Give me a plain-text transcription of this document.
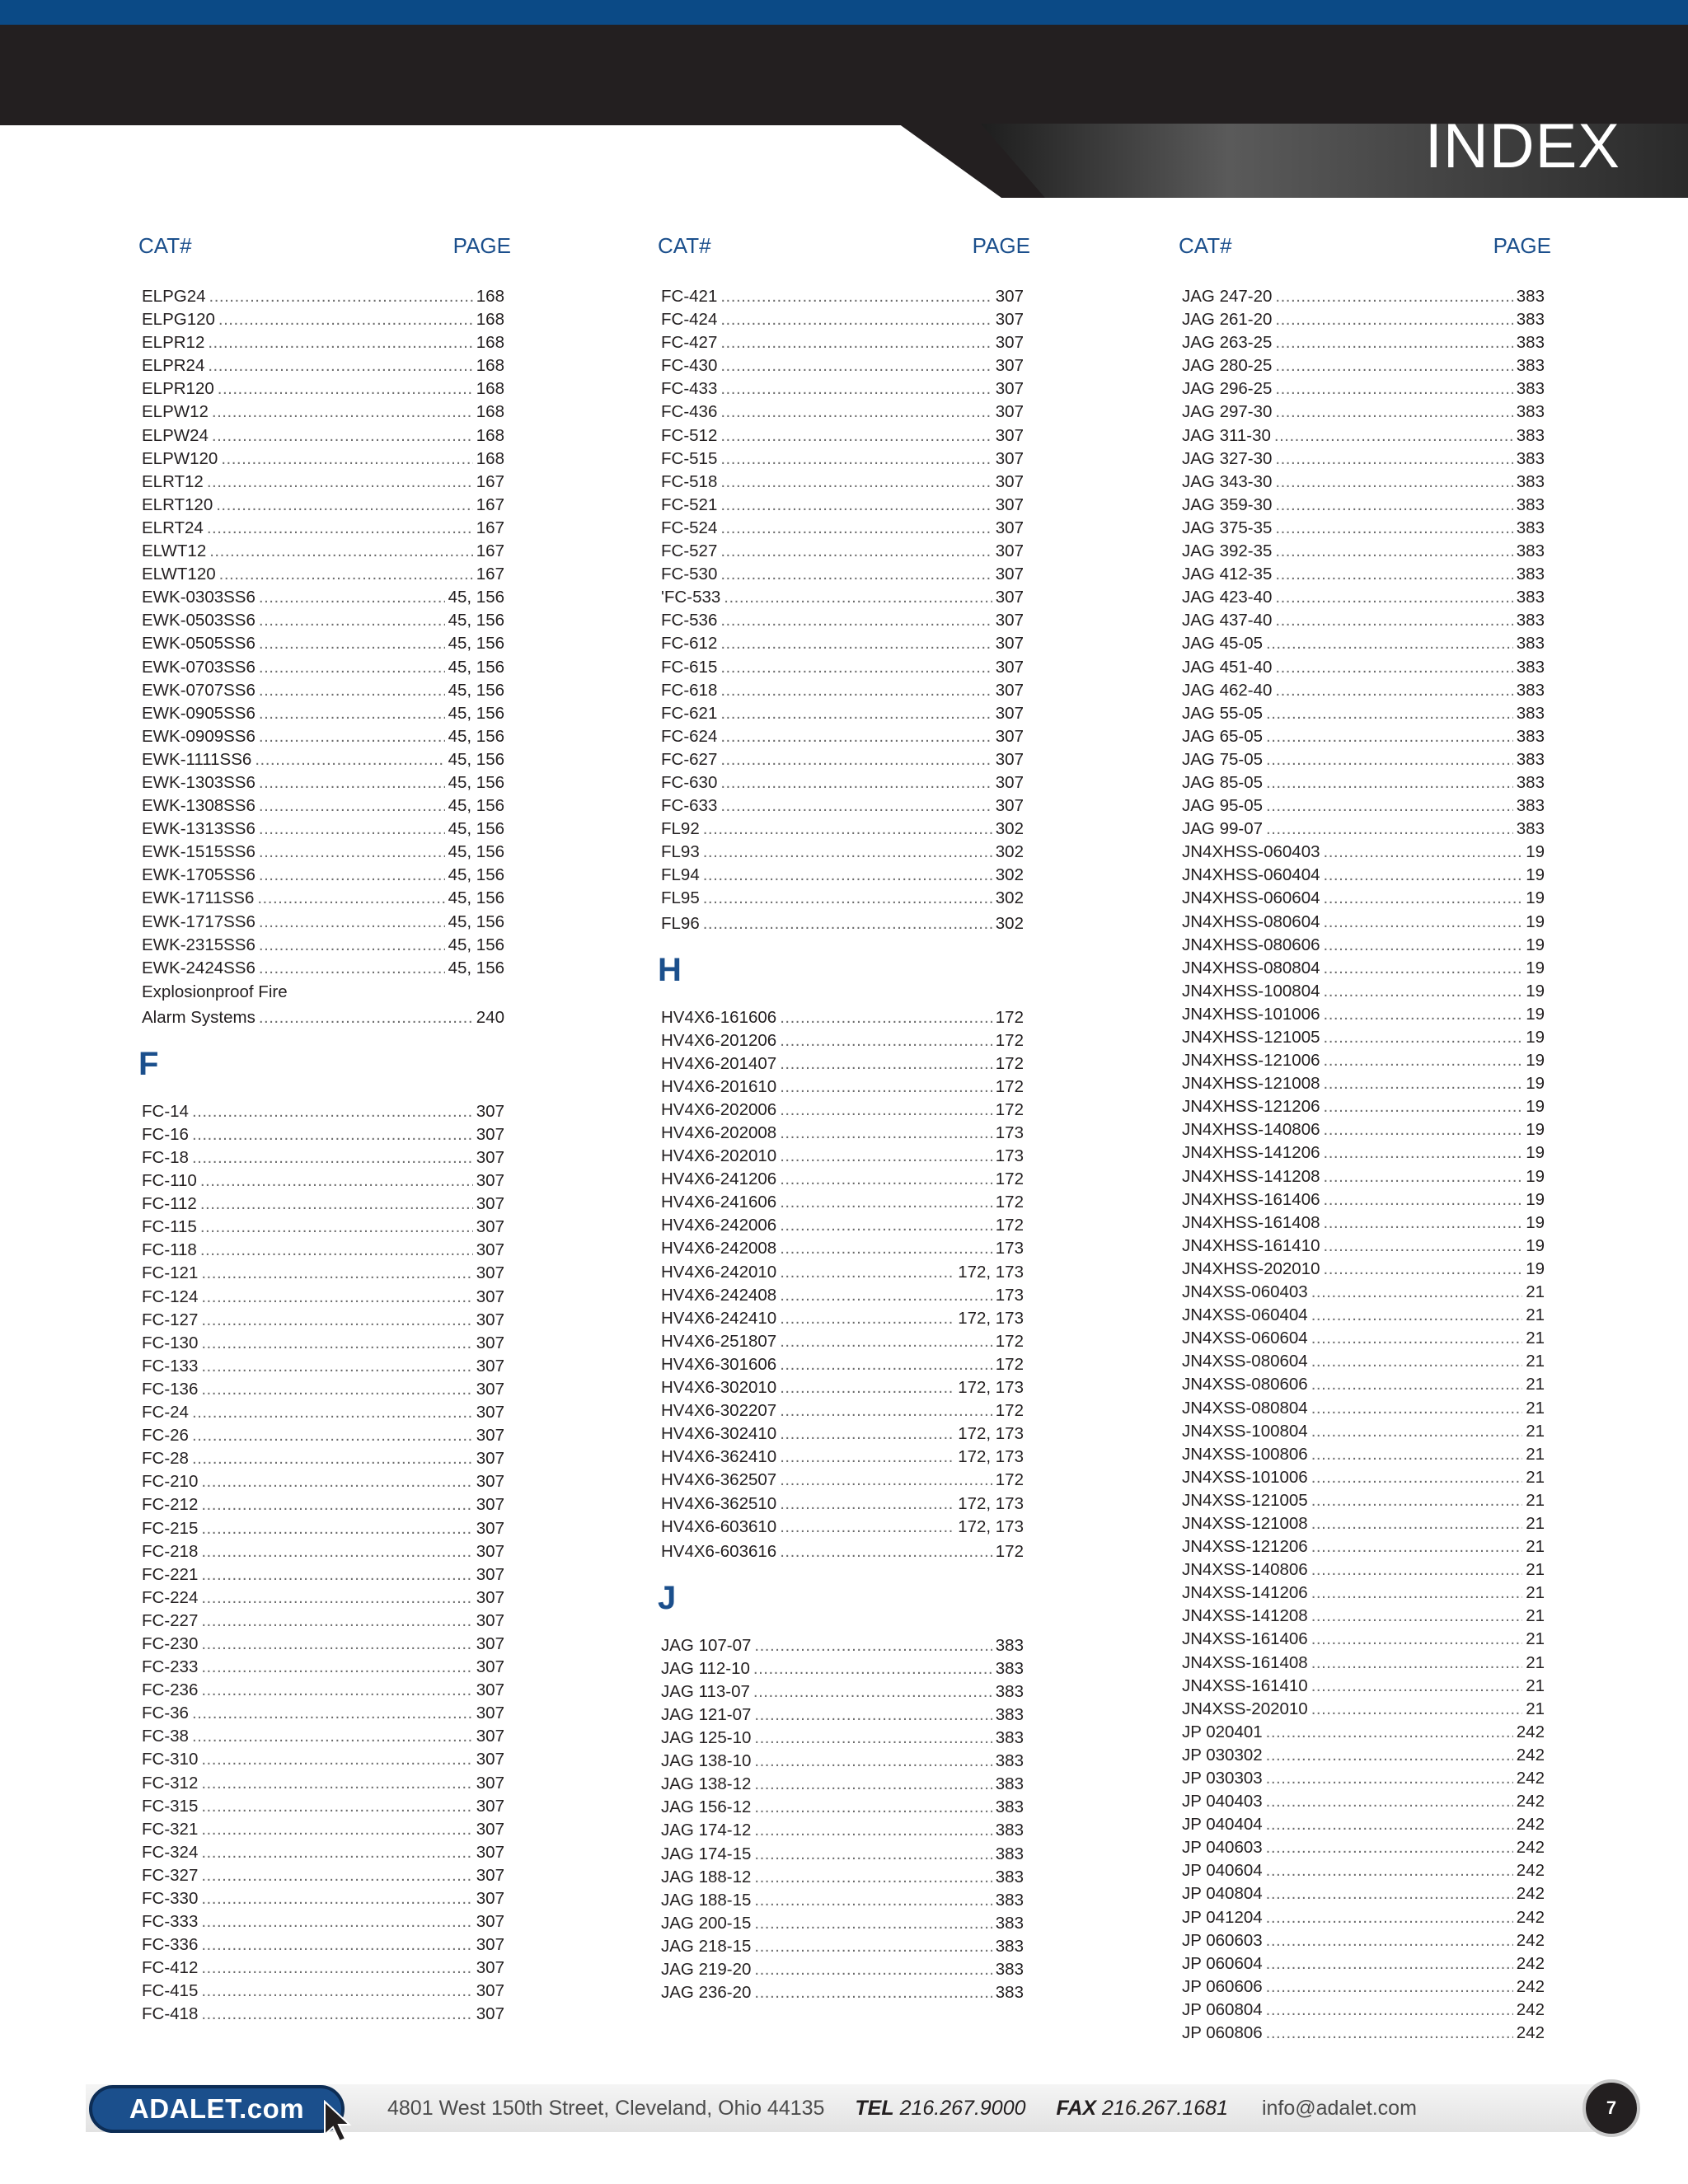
INDEX
CAT#	PAGE
ELPG24 .....	168
ELPG120 .....	168
ELPR12 .....	168
ELPR24 .....	168
ELPR120 .....	168
ELPW12 .....	168
ELPW24 .....	168
ELPW120 .....	168
ELRT12 .....	167
ELRT120 .....	167
ELRT24 .....	167
ELWT12 .....	167
ELWT120 .....	167
EWK-0303SS6 .....	45, 156
EWK-0503SS6 .....	45, 156
EWK-0505SS6 .....	45, 156
EWK-0703SS6 .....	45, 156
EWK-0707SS6 .....	45, 156
EWK-0905SS6 .....	45, 156
EWK-0909SS6 .....	45, 156
EWK-1111SS6 .....	45, 156
EWK-1303SS6 .....	45, 156
EWK-1308SS6 .....	45, 156
EWK-1313SS6 .....	45, 156
EWK-1515SS6 .....	45, 156
EWK-1705SS6 .....	45, 156
EWK-1711SS6 .....	45, 156
EWK-1717SS6 .....	45, 156
EWK-2315SS6 .....	45, 156
EWK-2424SS6 .....	45, 156
Explosionproof Fire
Alarm Systems .....	240
F
FC-14 .....	307
FC-16 .....	307
FC-18 .....	307
FC-110 .....	307
FC-112 .....	307
FC-115 .....	307
FC-118 .....	307
FC-121 .....	307
FC-124 .....	307
FC-127 .....	307
FC-130 .....	307
FC-133 .....	307
FC-136 .....	307
FC-24 .....	307
FC-26 .....	307
FC-28 .....	307
FC-210 .....	307
FC-212 .....	307
FC-215 .....	307
FC-218 .....	307
FC-221 .....	307
FC-224 .....	307
FC-227 .....	307
FC-230 .....	307
FC-233 .....	307
FC-236 .....	307
FC-36 .....	307
FC-38 .....	307
FC-310 .....	307
FC-312 .....	307
FC-315 .....	307
FC-321 .....	307
FC-324 .....	307
FC-327 .....	307
FC-330 .....	307
FC-333 .....	307
FC-336 .....	307
FC-412 .....	307
FC-415 .....	307
FC-418 .....	307
CAT#	PAGE
FC-421 .....	307
FC-424 .....	307
FC-427 .....	307
FC-430 .....	307
FC-433 .....	307
FC-436 .....	307
FC-512 .....	307
FC-515 .....	307
FC-518 .....	307
FC-521 .....	307
FC-524 .....	307
FC-527 .....	307
FC-530 .....	307
'FC-533 .....	307
FC-536 .....	307
FC-612 .....	307
FC-615 .....	307
FC-618 .....	307
FC-621 .....	307
FC-624 .....	307
FC-627 .....	307
FC-630 .....	307
FC-633 .....	307
FL92 .....	302
FL93 .....	302
FL94 .....	302
FL95 .....	302
FL96 .....	302
H
HV4X6-161606 .....	172
HV4X6-201206 .....	172
HV4X6-201407 .....	172
HV4X6-201610 .....	172
HV4X6-202006 .....	172
HV4X6-202008 .....	173
HV4X6-202010 .....	173
HV4X6-241206 .....	172
HV4X6-241606 .....	172
HV4X6-242006 .....	172
HV4X6-242008 .....	173
HV4X6-242010 .....	172, 173
HV4X6-242408 .....	173
HV4X6-242410 .....	172, 173
HV4X6-251807 .....	172
HV4X6-301606 .....	172
HV4X6-302010 .....	172, 173
HV4X6-302207 .....	172
HV4X6-302410 .....	172, 173
HV4X6-362410 .....	172, 173
HV4X6-362507 .....	172
HV4X6-362510 .....	172, 173
HV4X6-603610 .....	172, 173
HV4X6-603616 .....	172
J
JAG 107-07 .....	383
JAG 112-10 .....	383
JAG 113-07 .....	383
JAG 121-07 .....	383
JAG 125-10 .....	383
JAG 138-10 .....	383
JAG 138-12 .....	383
JAG 156-12 .....	383
JAG 174-12 .....	383
JAG 174-15 .....	383
JAG 188-12 .....	383
JAG 188-15 .....	383
JAG 200-15 .....	383
JAG 218-15 .....	383
JAG 219-20 .....	383
JAG 236-20 .....	383
CAT#	PAGE
JAG 247-20 .....	383
JAG 261-20 .....	383
JAG 263-25 .....	383
JAG 280-25 .....	383
JAG 296-25 .....	383
JAG 297-30 .....	383
JAG 311-30 .....	383
JAG 327-30 .....	383
JAG 343-30 .....	383
JAG 359-30 .....	383
JAG 375-35 .....	383
JAG 392-35 .....	383
JAG 412-35 .....	383
JAG 423-40 .....	383
JAG 437-40 .....	383
JAG 45-05 .....	383
JAG 451-40 .....	383
JAG 462-40 .....	383
JAG 55-05 .....	383
JAG 65-05 .....	383
JAG 75-05 .....	383
JAG 85-05 .....	383
JAG 95-05 .....	383
JAG 99-07 .....	383
JN4XHSS-060403 .....	19
JN4XHSS-060404 .....	19
JN4XHSS-060604 .....	19
JN4XHSS-080604 .....	19
JN4XHSS-080606 .....	19
JN4XHSS-080804 .....	19
JN4XHSS-100804 .....	19
JN4XHSS-101006 .....	19
JN4XHSS-121005 .....	19
JN4XHSS-121006 .....	19
JN4XHSS-121008 .....	19
JN4XHSS-121206 .....	19
JN4XHSS-140806 .....	19
JN4XHSS-141206 .....	19
JN4XHSS-141208 .....	19
JN4XHSS-161406 .....	19
JN4XHSS-161408 .....	19
JN4XHSS-161410 .....	19
JN4XHSS-202010 .....	19
JN4XSS-060403 .....	21
JN4XSS-060404 .....	21
JN4XSS-060604 .....	21
JN4XSS-080604 .....	21
JN4XSS-080606 .....	21
JN4XSS-080804 .....	21
JN4XSS-100804 .....	21
JN4XSS-100806 .....	21
JN4XSS-101006 .....	21
JN4XSS-121005 .....	21
JN4XSS-121008 .....	21
JN4XSS-121206 .....	21
JN4XSS-140806 .....	21
JN4XSS-141206 .....	21
JN4XSS-141208 .....	21
JN4XSS-161406 .....	21
JN4XSS-161408 .....	21
JN4XSS-161410 .....	21
JN4XSS-202010 .....	21
JP 020401 .....	242
JP 030302 .....	242
JP 030303 .....	242
JP 040403 .....	242
JP 040404 .....	242
JP 040603 .....	242
JP 040604 .....	242
JP 040804 .....	242
JP 041204 .....	242
JP 060603 .....	242
JP 060604 .....	242
JP 060606 .....	242
JP 060804 .....	242
JP 060806 .....	242
ADALET.com	4801 West 150th Street, Cleveland, Ohio 44135 TEL 216.267.9000 FAX 216.267.1681 info@adalet.com	7
